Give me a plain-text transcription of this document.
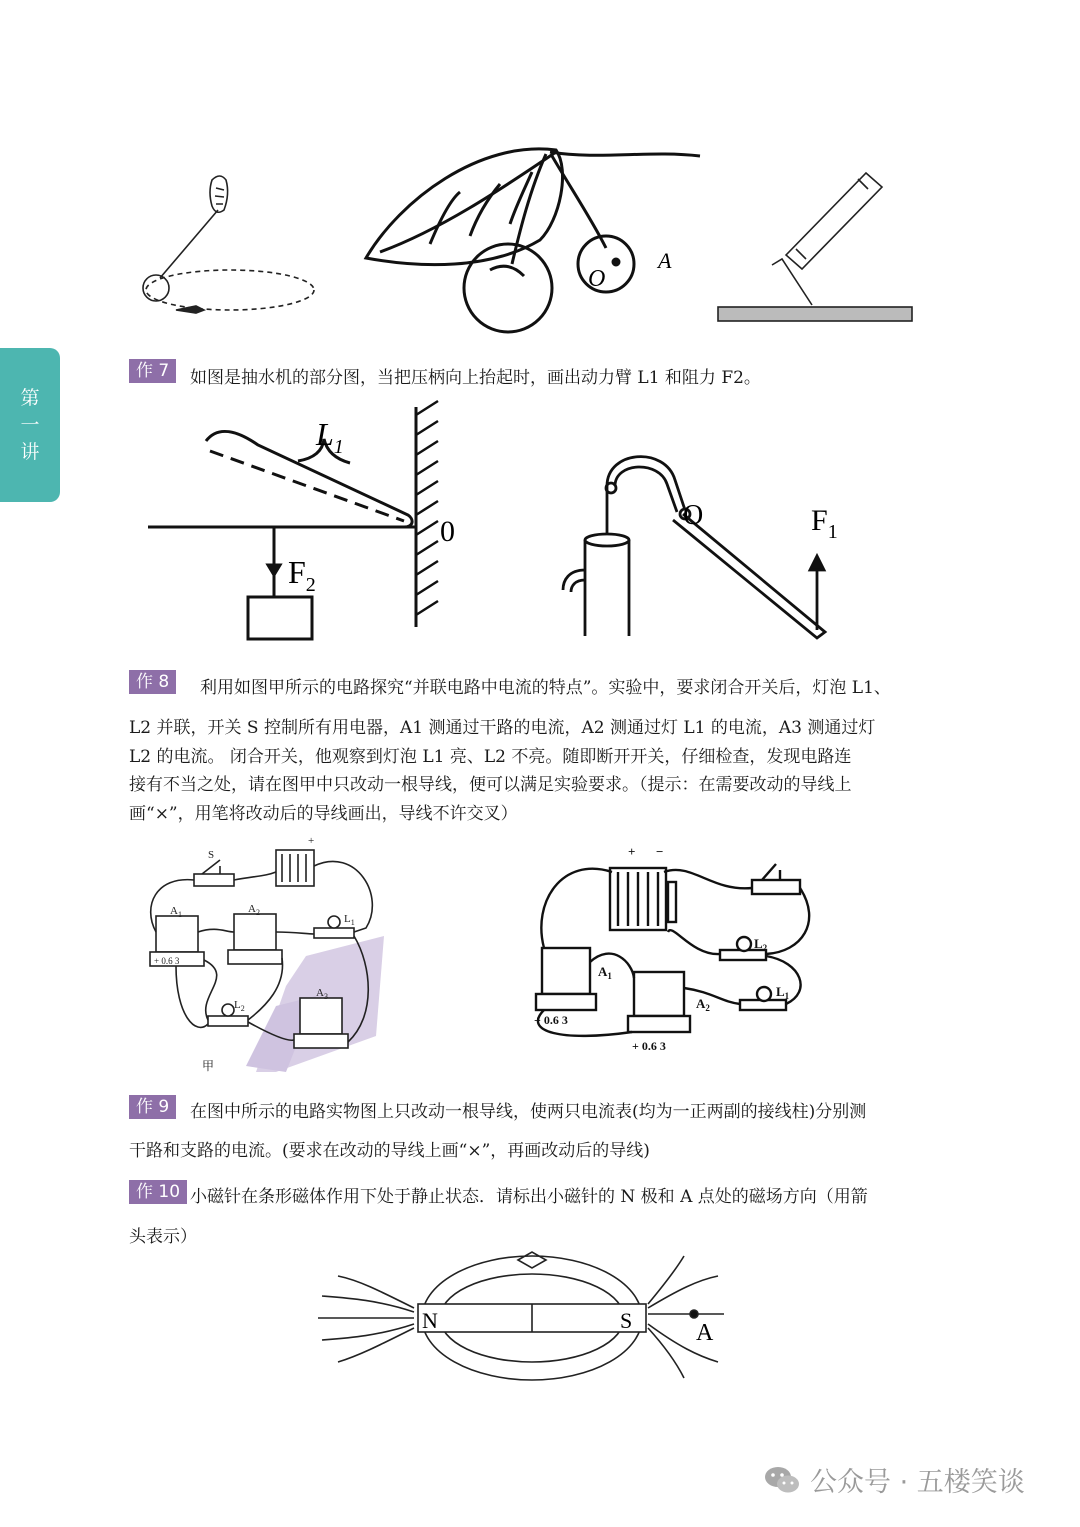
第
一
讲
O
A
作 7	如图是抽水机的部分图，当把压柄向上抬起时，画出动力臂 L1 和阻力 F2。
$L_1$
$F_2$
0	O	$F_1$
作 8	利用如图甲所示的电路探究“并联电路中电流的特点”。实验中，要求闭合开关后，灯泡 L1、
L2 并联，开关 S 控制所有用电器，A1 测通过干路的电流，A2 测通过灯 L1 的电流，A3 测通过灯
L2 的电流。 闭合开关，他观察到灯泡 L1 亮、L2 不亮。随即断开开关，仔细检查，发现电路连
接有不当之处，请在图甲中只改动一根导线，便可以满足实验要求。（提示：在需要改动的导线上
画“×”，用笔将改动后的导线画出，导线不许交叉）
S
+
$A_1$	$A_2$
$A_3$
$L_1$
$L_2$
+ 0.6 3
甲
+ −
$A_1$
$A_2$
$L_2$
$L_1$
+ 0.6 3
+ 0.6 3
作 9	在图中所示的电路实物图上只改动一根导线，使两只电流表(均为一正两副的接线柱)分别测
干路和支路的电流。(要求在改动的导线上画“×”，再画改动后的导线)
作 10 小磁针在条形磁体作用下处于静止状态．请标出小磁针的 N 极和 A 点处的磁场方向（用箭
头表示）
N	S	A
公众号 · 五楼笑谈
